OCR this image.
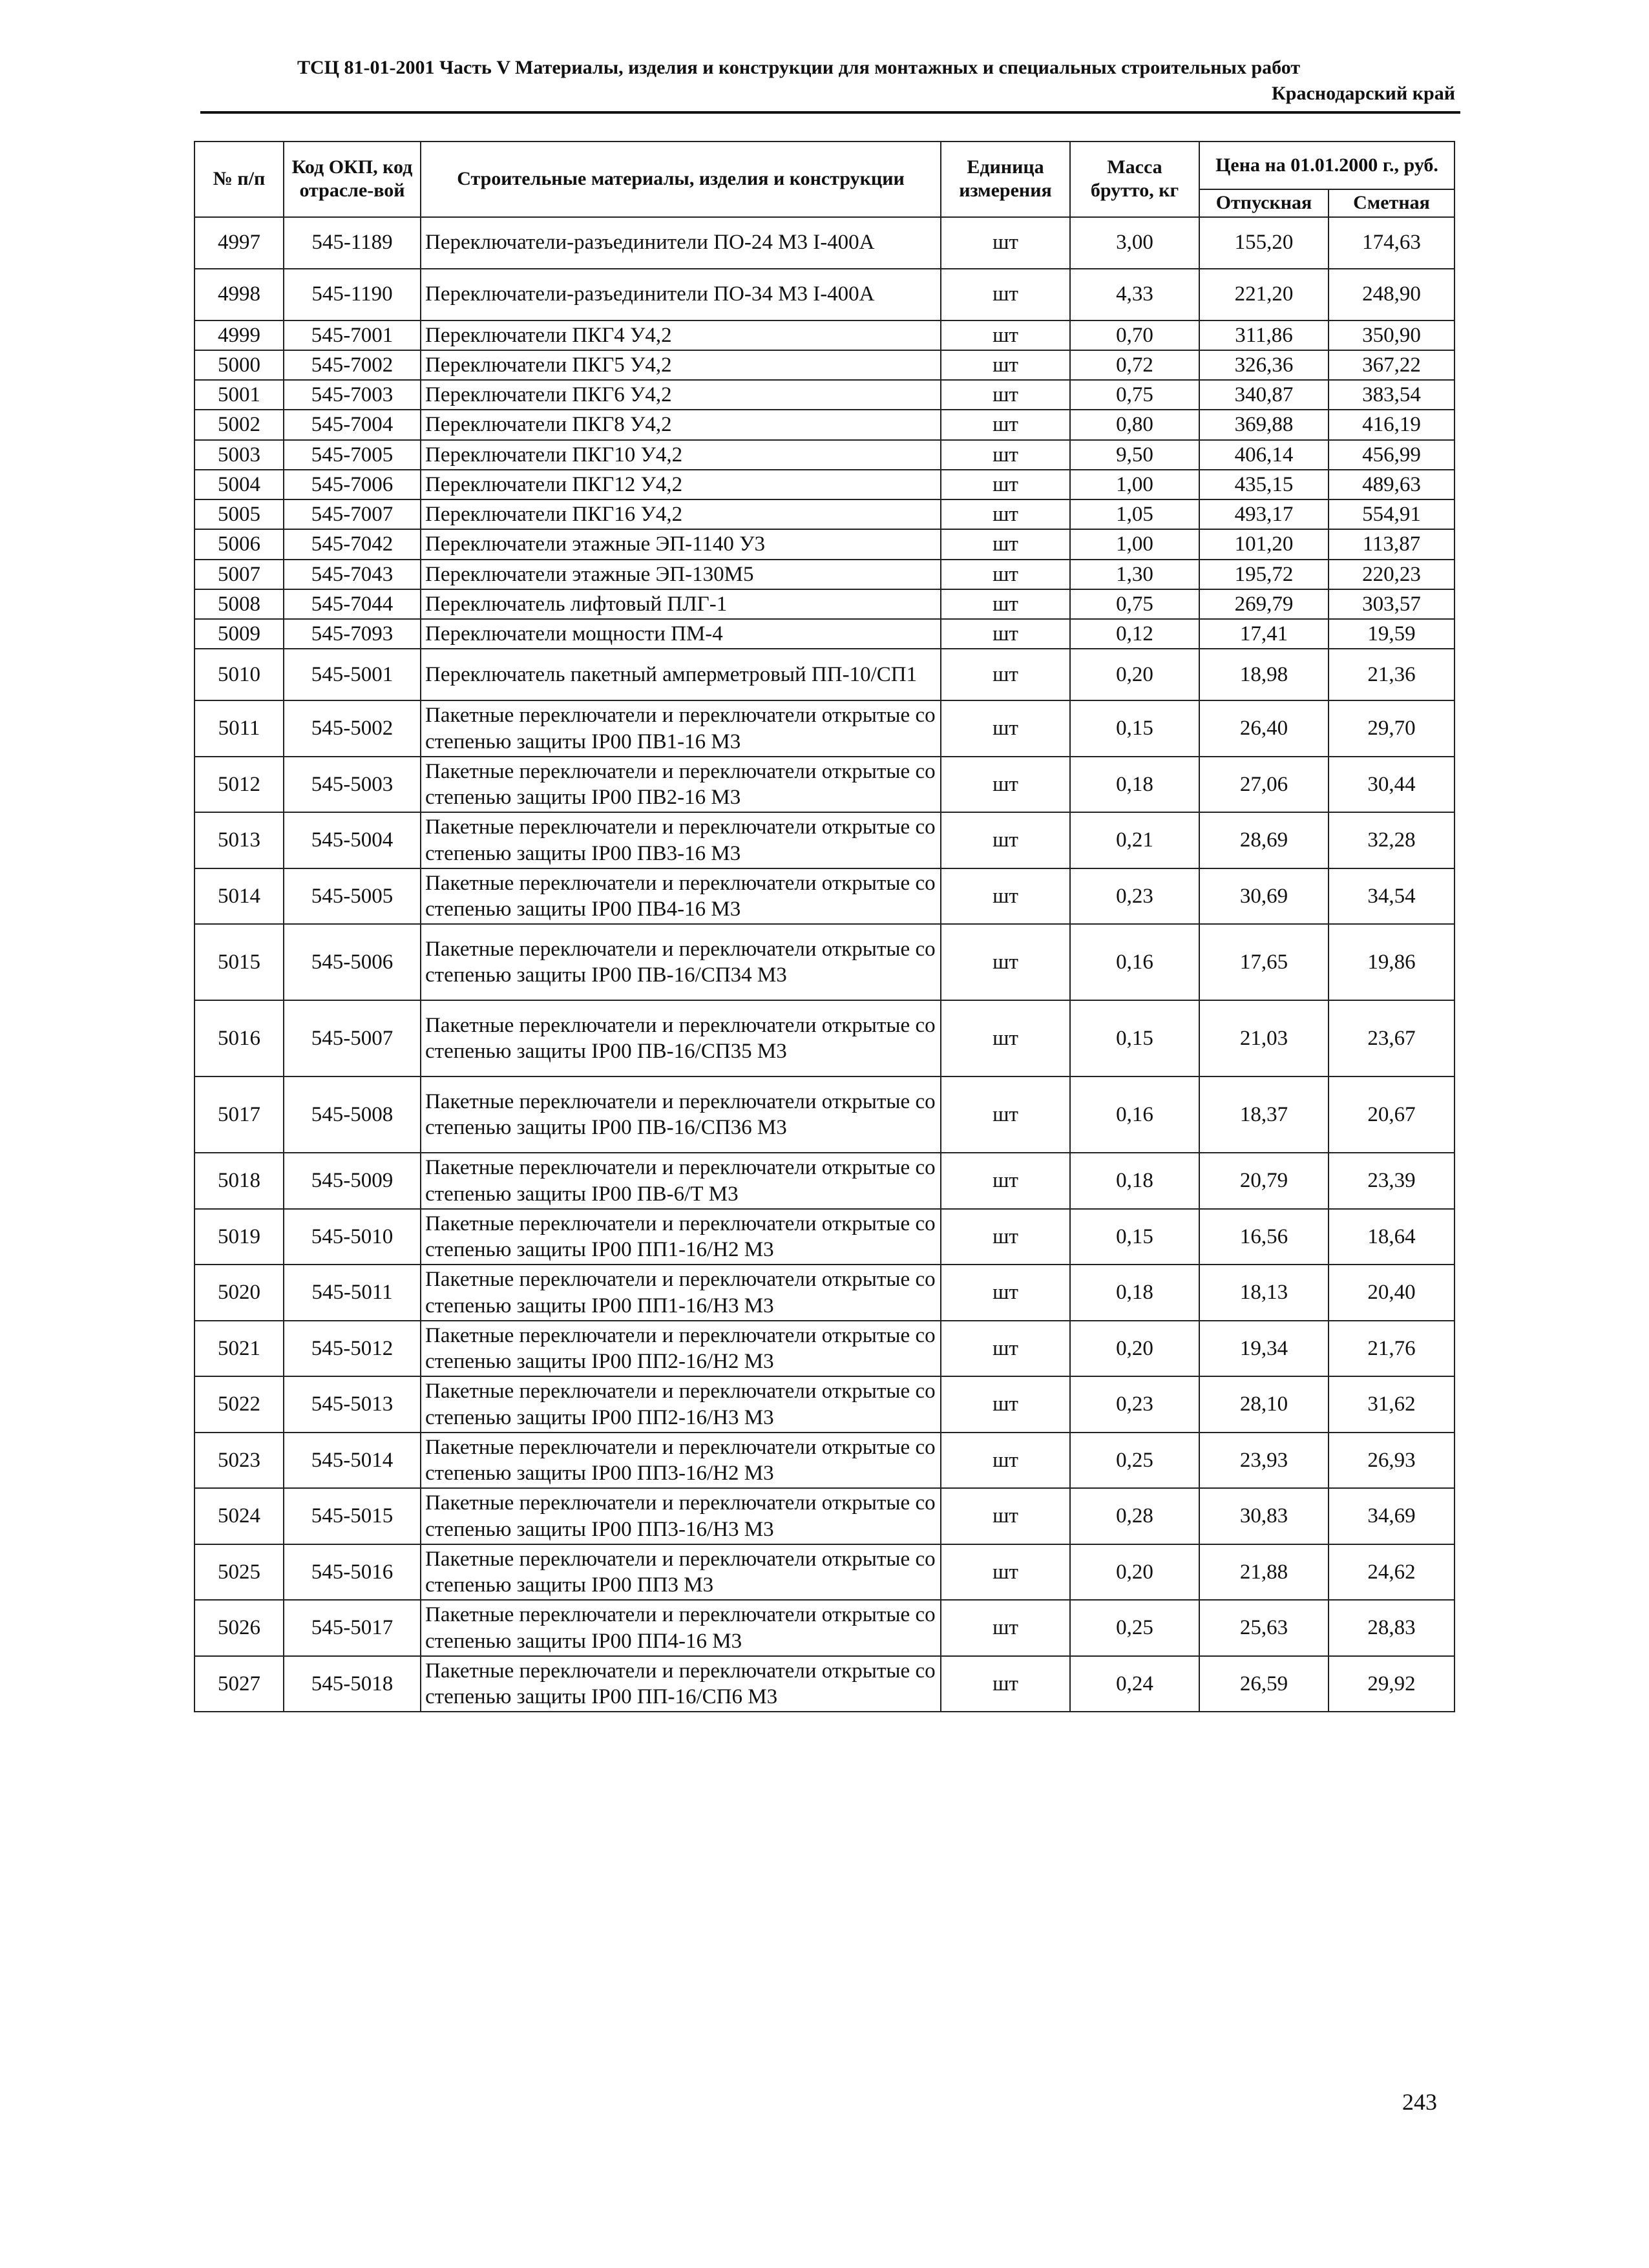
ТСЦ 81-01-2001 Часть V Материалы, изделия и конструкции для монтажных и специальных строительных работ
Краснодарский край
№ п/п	Код ОКП, код отрасле-вой	Строительные материалы, изделия и конструкции	Единица измерения	Масса брутто, кг	Цена на 01.01.2000 г., руб.	
					Отпускная	Сметная
4997	545-1189	Переключатели-разъединители ПО-24 М3 I-400А	шт	3,00	155,20	174,63
4998	545-1190	Переключатели-разъединители ПО-34 М3 I-400А	шт	4,33	221,20	248,90
4999	545-7001	Переключатели ПКГ4 У4,2	шт	0,70	311,86	350,90
5000	545-7002	Переключатели ПКГ5 У4,2	шт	0,72	326,36	367,22
5001	545-7003	Переключатели ПКГ6 У4,2	шт	0,75	340,87	383,54
5002	545-7004	Переключатели ПКГ8 У4,2	шт	0,80	369,88	416,19
5003	545-7005	Переключатели ПКГ10 У4,2	шт	9,50	406,14	456,99
5004	545-7006	Переключатели ПКГ12 У4,2	шт	1,00	435,15	489,63
5005	545-7007	Переключатели ПКГ16 У4,2	шт	1,05	493,17	554,91
5006	545-7042	Переключатели этажные ЭП-1140 У3	шт	1,00	101,20	113,87
5007	545-7043	Переключатели этажные ЭП-130М5	шт	1,30	195,72	220,23
5008	545-7044	Переключатель лифтовый ПЛГ-1	шт	0,75	269,79	303,57
5009	545-7093	Переключатели мощности ПМ-4	шт	0,12	17,41	19,59
5010	545-5001	Переключатель пакетный амперметровый ПП-10/СП1	шт	0,20	18,98	21,36
5011	545-5002	Пакетные переключатели и переключатели открытые со степенью защиты IP00 ПВ1-16 М3	шт	0,15	26,40	29,70
5012	545-5003	Пакетные переключатели и переключатели открытые со степенью защиты IP00 ПВ2-16 М3	шт	0,18	27,06	30,44
5013	545-5004	Пакетные переключатели и переключатели открытые со степенью защиты IP00 ПВ3-16 М3	шт	0,21	28,69	32,28
5014	545-5005	Пакетные переключатели и переключатели открытые со степенью защиты IP00 ПВ4-16 М3	шт	0,23	30,69	34,54
5015	545-5006	Пакетные переключатели и переключатели открытые со степенью защиты IP00 ПВ-16/СП34 М3	шт	0,16	17,65	19,86
5016	545-5007	Пакетные переключатели и переключатели открытые со степенью защиты IP00 ПВ-16/СП35 М3	шт	0,15	21,03	23,67
5017	545-5008	Пакетные переключатели и переключатели открытые со степенью защиты IP00 ПВ-16/СП36 М3	шт	0,16	18,37	20,67
5018	545-5009	Пакетные переключатели и переключатели открытые со степенью защиты IP00 ПВ-6/Т М3	шт	0,18	20,79	23,39
5019	545-5010	Пакетные переключатели и переключатели открытые со степенью защиты IP00 ПП1-16/Н2 М3	шт	0,15	16,56	18,64
5020	545-5011	Пакетные переключатели и переключатели открытые со степенью защиты IP00 ПП1-16/Н3 М3	шт	0,18	18,13	20,40
5021	545-5012	Пакетные переключатели и переключатели открытые со степенью защиты IP00 ПП2-16/Н2 М3	шт	0,20	19,34	21,76
5022	545-5013	Пакетные переключатели и переключатели открытые со степенью защиты IP00 ПП2-16/Н3 М3	шт	0,23	28,10	31,62
5023	545-5014	Пакетные переключатели и переключатели открытые со степенью защиты IP00 ПП3-16/Н2 М3	шт	0,25	23,93	26,93
5024	545-5015	Пакетные переключатели и переключатели открытые со степенью защиты IP00 ПП3-16/Н3 М3	шт	0,28	30,83	34,69
5025	545-5016	Пакетные переключатели и переключатели открытые со степенью защиты IP00 ПП3 М3	шт	0,20	21,88	24,62
5026	545-5017	Пакетные переключатели и переключатели открытые со степенью защиты IP00 ПП4-16 М3	шт	0,25	25,63	28,83
5027	545-5018	Пакетные переключатели и переключатели открытые со степенью защиты IP00 ПП-16/СП6 М3	шт	0,24	26,59	29,92
243
